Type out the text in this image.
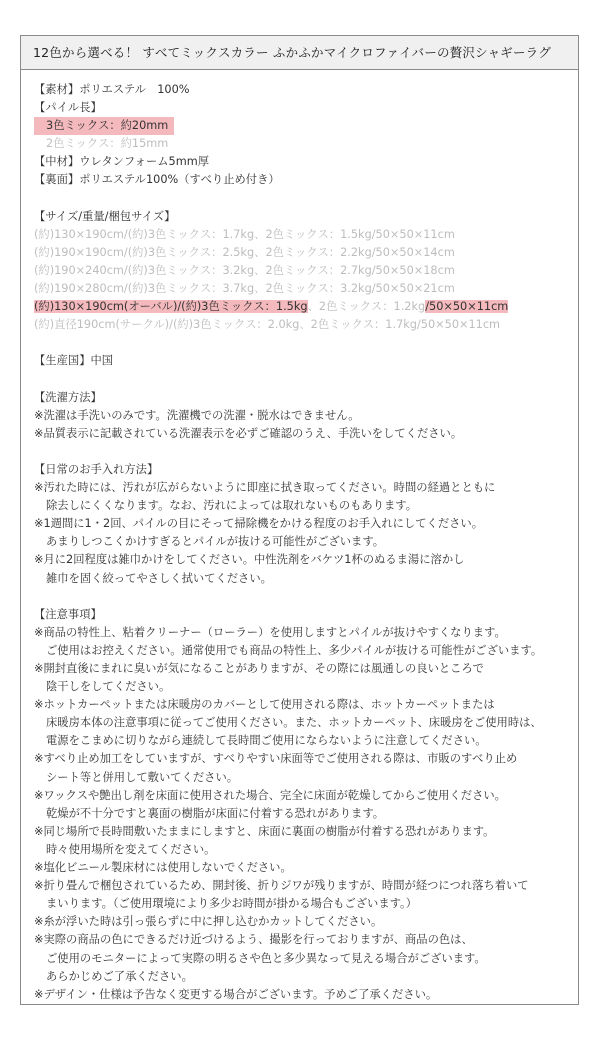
12色から選べる！ すべてミックスカラー ふかふかマイクロファイバーの贅沢シャギーラグ
【素材】ポリエステル　100%
【パイル長】
3色ミックス：約20mm
2色ミックス：約15mm
【中材】ウレタンフォーム5mm厚
【裏面】ポリエステル100%（すべり止め付き）
【サイズ/重量/梱包サイズ】
(約)130×190cm/(約)3色ミックス：1.7kg、2色ミックス：1.5kg/50×50×11cm
(約)190×190cm/(約)3色ミックス：2.5kg、2色ミックス：2.2kg/50×50×14cm
(約)190×240cm/(約)3色ミックス：3.2kg、2色ミックス：2.7kg/50×50×18cm
(約)190×280cm/(約)3色ミックス：3.7kg、2色ミックス：3.2kg/50×50×21cm
(約)130×190cm(オーバル)/(約)3色ミックス：1.5kg、2色ミックス：1.2kg/50×50×11cm
(約)直径190cm(サークル)/(約)3色ミックス：2.0kg、2色ミックス：1.7kg/50×50×11cm
【生産国】中国
【洗濯方法】
※洗濯は手洗いのみです。洗濯機での洗濯・脱水はできません。
※品質表示に記載されている洗濯表示を必ずご確認のうえ、手洗いをしてください。
【日常のお手入れ方法】
※汚れた時には、汚れが広がらないように即座に拭き取ってください。時間の経過とともに
除去しにくくなります。なお、汚れによっては取れないものもあります。
※1週間に1・2回、パイルの目にそって掃除機をかける程度のお手入れにしてください。
あまりしつこくかけすぎるとパイルが抜ける可能性がございます。
※月に2回程度は雑巾かけをしてください。中性洗剤をバケツ1杯のぬるま湯に溶かし
雑巾を固く絞ってやさしく拭いてください。
【注意事項】
※商品の特性上、粘着クリーナー（ローラー）を使用しますとパイルが抜けやすくなります。
ご使用はお控えください。通常使用でも商品の特性上、多少パイルが抜ける可能性がございます。
※開封直後にまれに臭いが気になることがありますが、その際には風通しの良いところで
陰干しをしてください。
※ホットカーペットまたは床暖房のカバーとして使用される際は、ホットカーペットまたは
床暖房本体の注意事項に従ってご使用ください。また、ホットカーペット、床暖房をご使用時は、
電源をこまめに切りながら連続して長時間ご使用にならないように注意してください。
※すべり止め加工をしていますが、すべりやすい床面等でご使用される際は、市販のすべり止め
シート等と併用して敷いてください。
※ワックスや艶出し剤を床面に使用された場合、完全に床面が乾燥してからご使用ください。
乾燥が不十分ですと裏面の樹脂が床面に付着する恐れがあります。
※同じ場所で長時間敷いたままにしますと、床面に裏面の樹脂が付着する恐れがあります。
時々使用場所を変えてください。
※塩化ビニール製床材には使用しないでください。
※折り畳んで梱包されているため、開封後、折りジワが残りますが、時間が経つにつれ落ち着いて
まいります。（ご使用環境により多少お時間が掛かる場合もございます。）
※糸が浮いた時は引っ張らずに中に押し込むかカットしてください。
※実際の商品の色にできるだけ近づけるよう、撮影を行っておりますが、商品の色は、
ご使用のモニターによって実際の明るさや色と多少異なって見える場合がございます。
あらかじめご了承ください。
※デザイン・仕様は予告なく変更する場合がございます。予めご了承ください。
